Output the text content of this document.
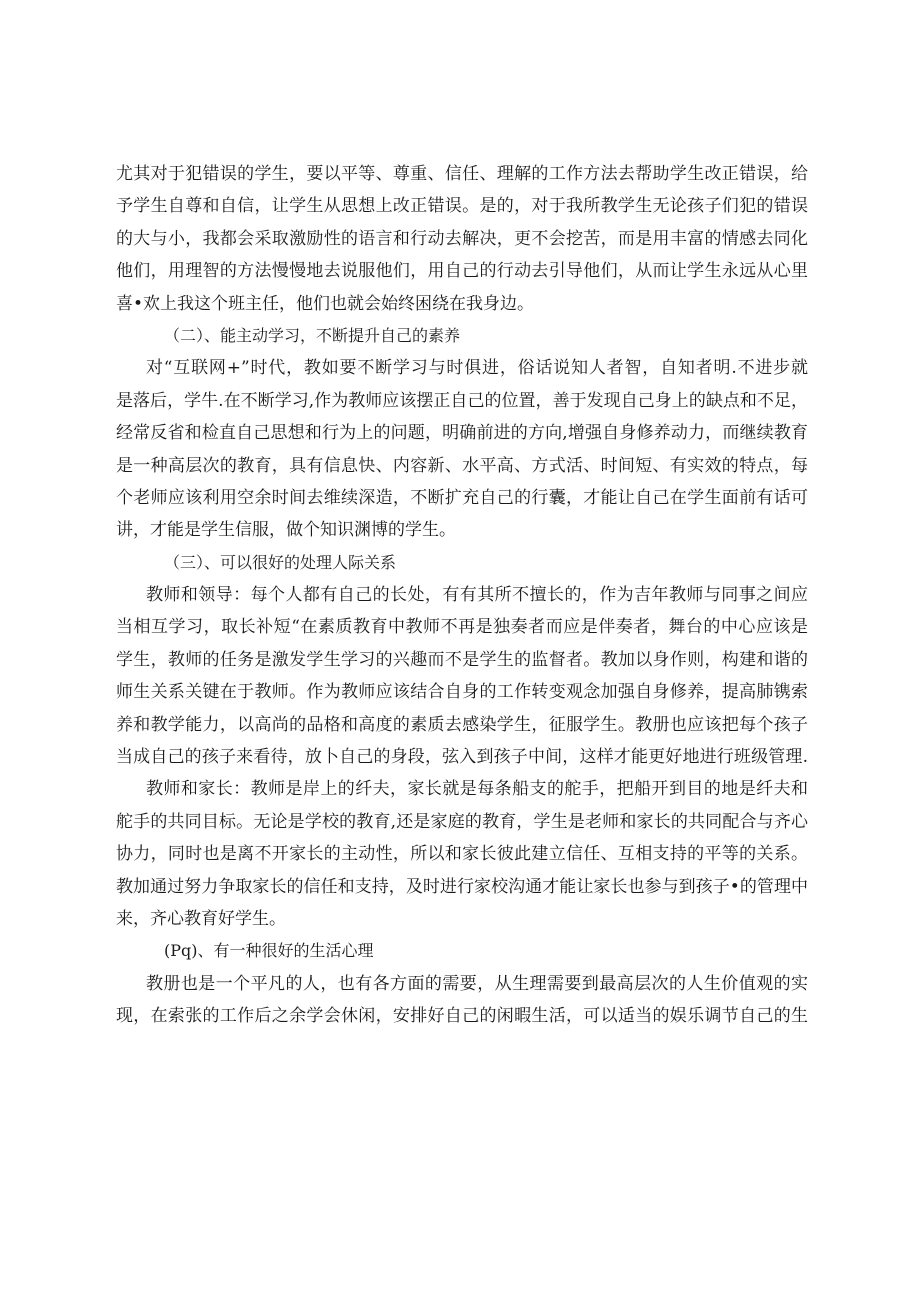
尤其对于犯错误的学生，要以平等、尊重、信任、理解的工作方法去帮助学生改正错误，给
予学生自尊和自信，让学生从思想上改正错误。是的，对于我所教学生无论孩子们犯的错误
的大与小，我都会采取激励性的语言和行动去解决，更不会挖苦，而是用丰富的情感去同化
他们，用理智的方法慢慢地去说服他们，用自己的行动去引导他们，从而让学生永远从心里
喜•欢上我这个班主任，他们也就会始终困绕在我身边。
（二）、能主动学习，不断提升自己的素养
对“互联网+”时代，教如要不断学习与时俱进，俗话说知人者智，自知者明.不进步就
是落后，学牛.在不断学习,作为教师应该摆正自己的位置，善于发现自己身上的缺点和不足，
经常反省和检直自己思想和行为上的问题，明确前进的方向,增强自身修养动力，而继续教育
是一种高层次的教育，具有信息快、内容新、水平高、方式活、时间短、有实效的特点，每
个老师应该利用空余时间去维续深造，不断扩充自己的行囊，才能让自己在学生面前有话可
讲，才能是学生信服，做个知识渊博的学生。
（三）、可以很好的处理人际关系
教师和领导：每个人都有自己的长处，有有其所不擅长的，作为吉年教师与同事之间应
当相互学习，取长补短“在素质教育中教师不再是独奏者而应是伴奏者，舞台的中心应该是
学生，教师的任务是激发学生学习的兴趣而不是学生的监督者。教加以身作则，构建和谐的
师生关系关键在于教师。作为教师应该结合自身的工作转变观念加强自身修养，提高肺镌索
养和教学能力，以高尚的品格和高度的素质去感染学生，征服学生。教册也应该把每个孩子
当成自己的孩子来看待，放卜自己的身段，弦入到孩子中间，这样才能更好地进行班级管理.
教师和家长：教师是岸上的纤夫，家长就是每条船支的舵手，把船开到目的地是纤夫和
舵手的共同目标。无论是学校的教育,还是家庭的教育，学生是老师和家长的共同配合与齐心
协力，同时也是离不开家长的主动性，所以和家长彼此建立信任、互相支持的平等的关系。
教加通过努力争取家长的信任和支持，及时进行家校沟通才能让家长也参与到孩子•的管理中
来，齐心教育好学生。
(Pq)、有一种很好的生活心理
教册也是一个平凡的人，也有各方面的需要，从生理需要到最高层次的人生价值观的实
现，在索张的工作后之余学会休闲，安排好自己的闲暇生活，可以适当的娱乐调节自己的生
